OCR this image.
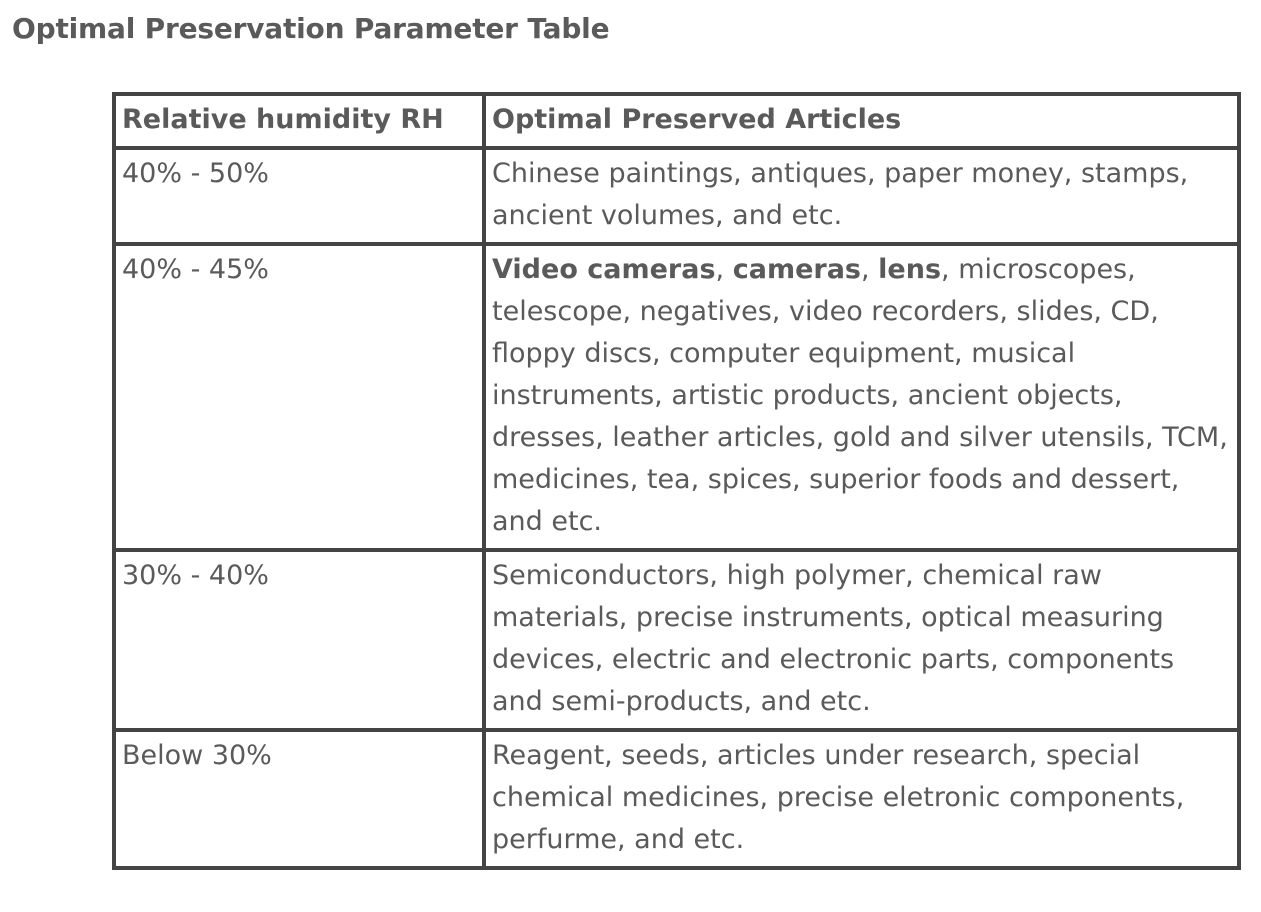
Optimal Preservation Parameter Table
Relative humidity RH	Optimal Preserved Articles
40% - 50%	Chinese paintings, antiques, paper money, stamps, ancient volumes, and etc.
40% - 45%	Video cameras, cameras, lens, microscopes, telescope, negatives, video recorders, slides, CD, floppy discs, computer equipment, musical instruments, artistic products, ancient objects, dresses, leather articles, gold and silver utensils, TCM, medicines, tea, spices, superior foods and dessert, and etc.
30% - 40%	Semiconductors, high polymer, chemical raw materials, precise instruments, optical measuring devices, electric and electronic parts, components and semi-products, and etc.
Below 30%	Reagent, seeds, articles under research, special chemical medicines, precise eletronic components, perfurme, and etc.
